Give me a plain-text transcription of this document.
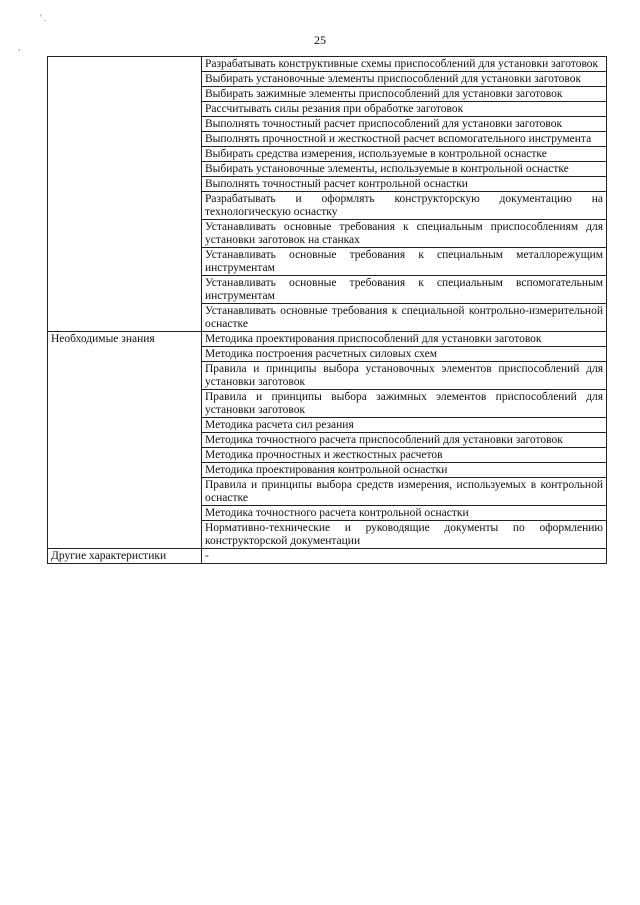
' .
,	25
	Разрабатывать конструктивные схемы приспособлений для установки заготовок
	Выбирать установочные элементы приспособлений для установки заготовок
	Выбирать зажимные элементы приспособлений для установки заготовок
	Рассчитывать силы резания при обработке заготовок
	Выполнять точностный расчет приспособлений для установки заготовок
	Выполнять прочностной и жесткостной расчет вспомогательного инструмента
	Выбирать средства измерения, используемые в контрольной оснастке
	Выбирать установочные элементы, используемые в контрольной оснастке
	Выполнять точностный расчет контрольной оснастки
	Разрабатывать и оформлять конструкторскую документацию на технологическую оснастку
	Устанавливать основные требования к специальным приспособлениям для установки заготовок на станках
	Устанавливать основные требования к специальным металлорежущим инструментам
	Устанавливать основные требования к специальным вспомогательным инструментам
	Устанавливать основные требования к специальной контрольно-измерительной оснастке
Необходимые знания	Методика проектирования приспособлений для установки заготовок
	Методика построения расчетных силовых схем
	Правила и принципы выбора установочных элементов приспособлений для установки заготовок
	Правила и принципы выбора зажимных элементов приспособлений для установки заготовок
	Методика расчета сил резания
	Методика точностного расчета приспособлений для установки заготовок
	Методика прочностных и жесткостных расчетов
	Методика проектирования контрольной оснастки
	Правила и принципы выбора средств измерения, используемых в контрольной оснастке
	Методика точностного расчета контрольной оснастки
	Нормативно-технические и руководящие документы по оформлению конструкторской документации
Другие характеристики	-
